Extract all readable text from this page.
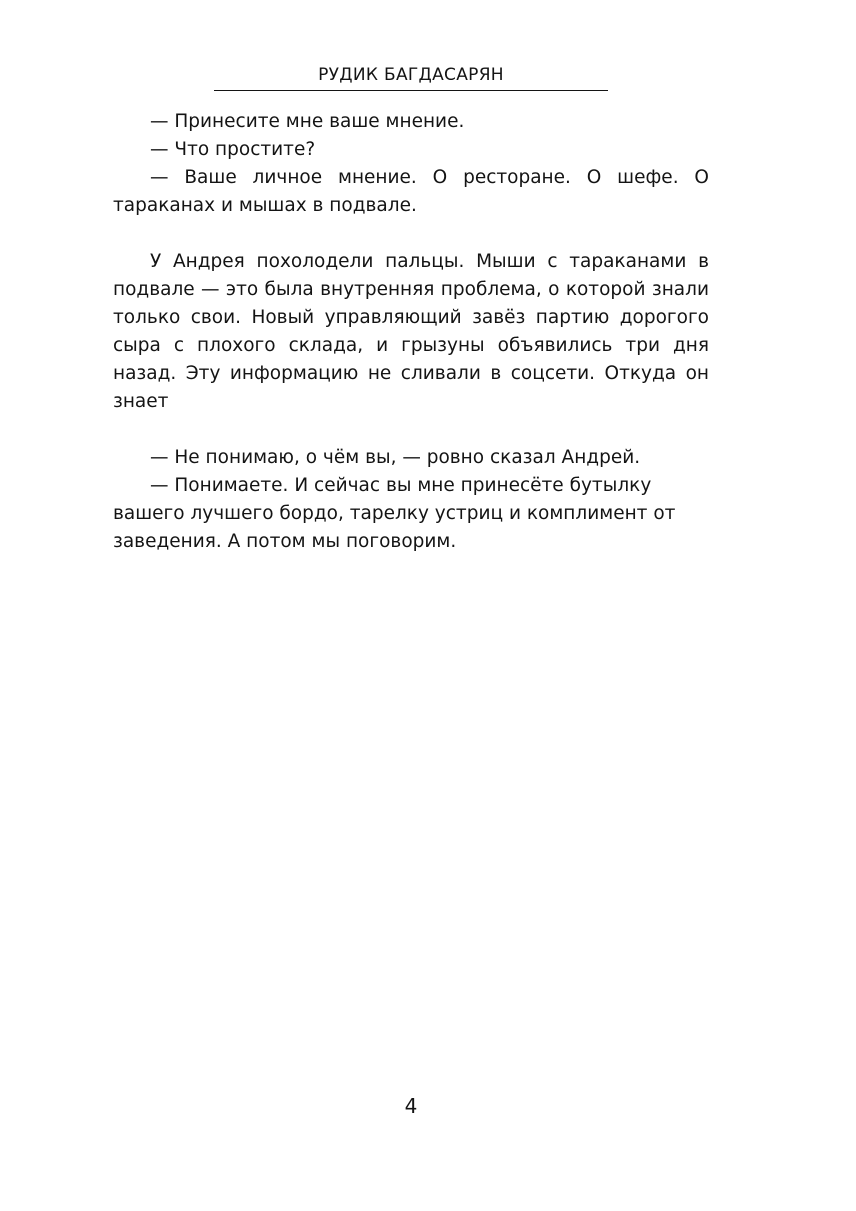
РУДИК БАГДАСАРЯН

— Принесите мне ваше мнение.

— Что простите?

— Ваше личное мнение. О ресторане. О шефе. О тараканах и мышах в подвале.

У Андрея похолодели пальцы. Мыши с тараканами в подвале — это была внутренняя проблема, о которой знали только свои. Новый управляющий завёз партию дорогого сыра с плохого склада, и грызуны объявились три дня назад. Эту информацию не сливали в соцсети. Откуда он знает

— Не понимаю, о чём вы, — ровно сказал Андрей.

— Понимаете. И сейчас вы мне принесёте бутылку вашего лучшего бордо, тарелку устриц и комплимент от заведения. А потом мы поговорим.

4
